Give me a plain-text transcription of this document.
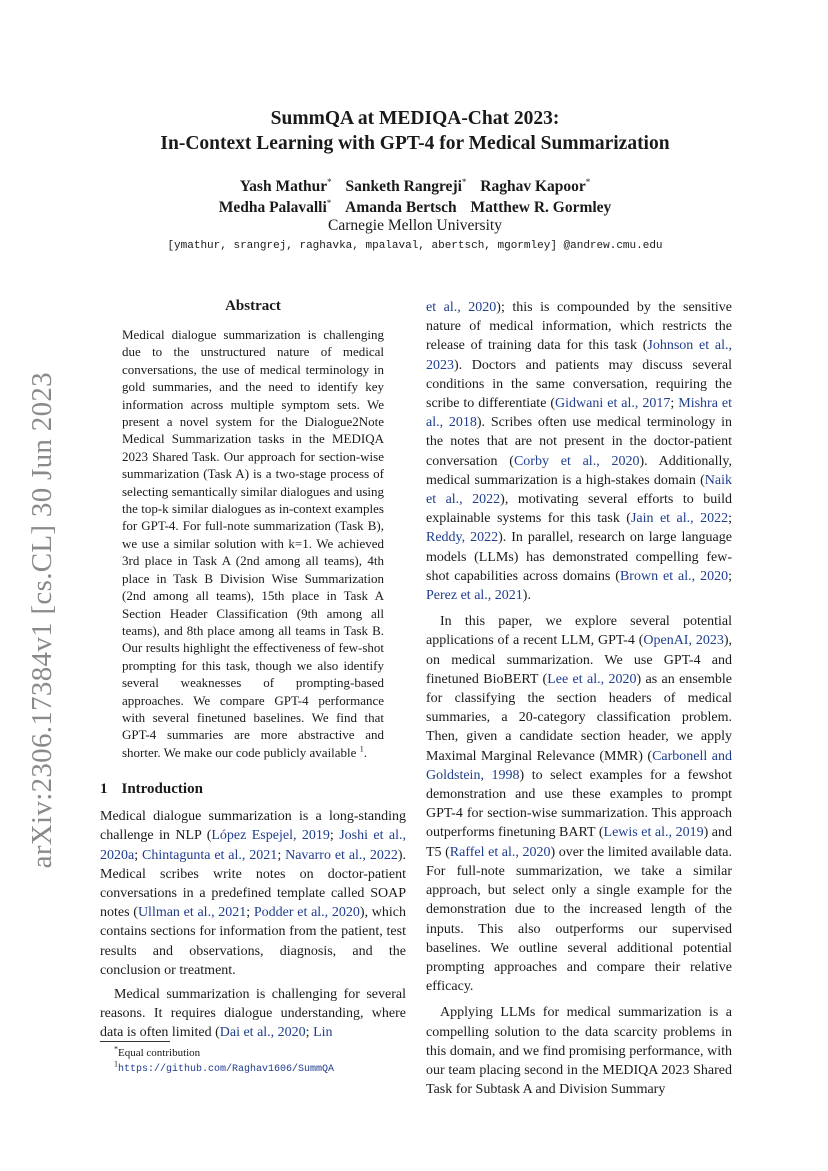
arXiv:2306.17384v1 [cs.CL] 30 Jun 2023
SummQA at MEDIQA-Chat 2023:
In-Context Learning with GPT-4 for Medical Summarization
Yash Mathur* Sanketh Rangreji* Raghav Kapoor*
Medha Palavalli* Amanda Bertsch Matthew R. Gormley
Carnegie Mellon University
[ymathur, srangrej, raghavka, mpalaval, abertsch, mgormley] @andrew.cmu.edu
Abstract

Medical dialogue summarization is challenging due to the unstructured nature of medical conversations, the use of medical terminology in gold summaries, and the need to identify key information across multiple symptom sets. We present a novel system for the Dialogue2Note Medical Summarization tasks in the MEDIQA 2023 Shared Task. Our approach for section-wise summarization (Task A) is a two-stage process of selecting semantically similar dialogues and using the top-k similar dialogues as in-context examples for GPT-4. For full-note summarization (Task B), we use a similar solution with k=1. We achieved 3rd place in Task A (2nd among all teams), 4th place in Task B Division Wise Summarization (2nd among all teams), 15th place in Task A Section Header Classification (9th among all teams), and 8th place among all teams in Task B. Our results highlight the effectiveness of few-shot prompting for this task, though we also identify several weaknesses of prompting-based approaches. We compare GPT-4 performance with several finetuned baselines. We find that GPT-4 summaries are more abstractive and shorter. We make our code publicly available $^1$.

1 Introduction

Medical dialogue summarization is a long-standing challenge in NLP (López Espejel, 2019; Joshi et al., 2020a; Chintagunta et al., 2021; Navarro et al., 2022). Medical scribes write notes on doctor-patient conversations in a predefined template called SOAP notes (Ullman et al., 2021; Podder et al., 2020), which contains sections for information from the patient, test results and observations, diagnosis, and the conclusion or treatment.

Medical summarization is challenging for several reasons. It requires dialogue understanding, where data is often limited (Dai et al., 2020; Lin

et al., 2020); this is compounded by the sensitive nature of medical information, which restricts the release of training data for this task (Johnson et al., 2023). Doctors and patients may discuss several conditions in the same conversation, requiring the scribe to differentiate (Gidwani et al., 2017; Mishra et al., 2018). Scribes often use medical terminology in the notes that are not present in the doctor-patient conversation (Corby et al., 2020). Additionally, medical summarization is a high-stakes domain (Naik et al., 2022), motivating several efforts to build explainable systems for this task (Jain et al., 2022; Reddy, 2022). In parallel, research on large language models (LLMs) has demonstrated compelling few-shot capabilities across domains (Brown et al., 2020; Perez et al., 2021).

In this paper, we explore several potential applications of a recent LLM, GPT-4 (OpenAI, 2023), on medical summarization. We use GPT-4 and finetuned BioBERT (Lee et al., 2020) as an ensemble for classifying the section headers of medical summaries, a 20-category classification problem. Then, given a candidate section header, we apply Maximal Marginal Relevance (MMR) (Carbonell and Goldstein, 1998) to select examples for a fewshot demonstration and use these examples to prompt GPT-4 for section-wise summarization. This approach outperforms finetuning BART (Lewis et al., 2019) and T5 (Raffel et al., 2020) over the limited available data. For full-note summarization, we take a similar approach, but select only a single example for the demonstration due to the increased length of the inputs. This also outperforms our supervised baselines. We outline several additional potential prompting approaches and compare their relative efficacy.

Applying LLMs for medical summarization is a compelling solution to the data scarcity problems in this domain, and we find promising performance, with our team placing second in the MEDIQA 2023 Shared Task for Subtask A and Division Summary

*Equal contribution
$^1$https://github.com/Raghav1606/SummQA
